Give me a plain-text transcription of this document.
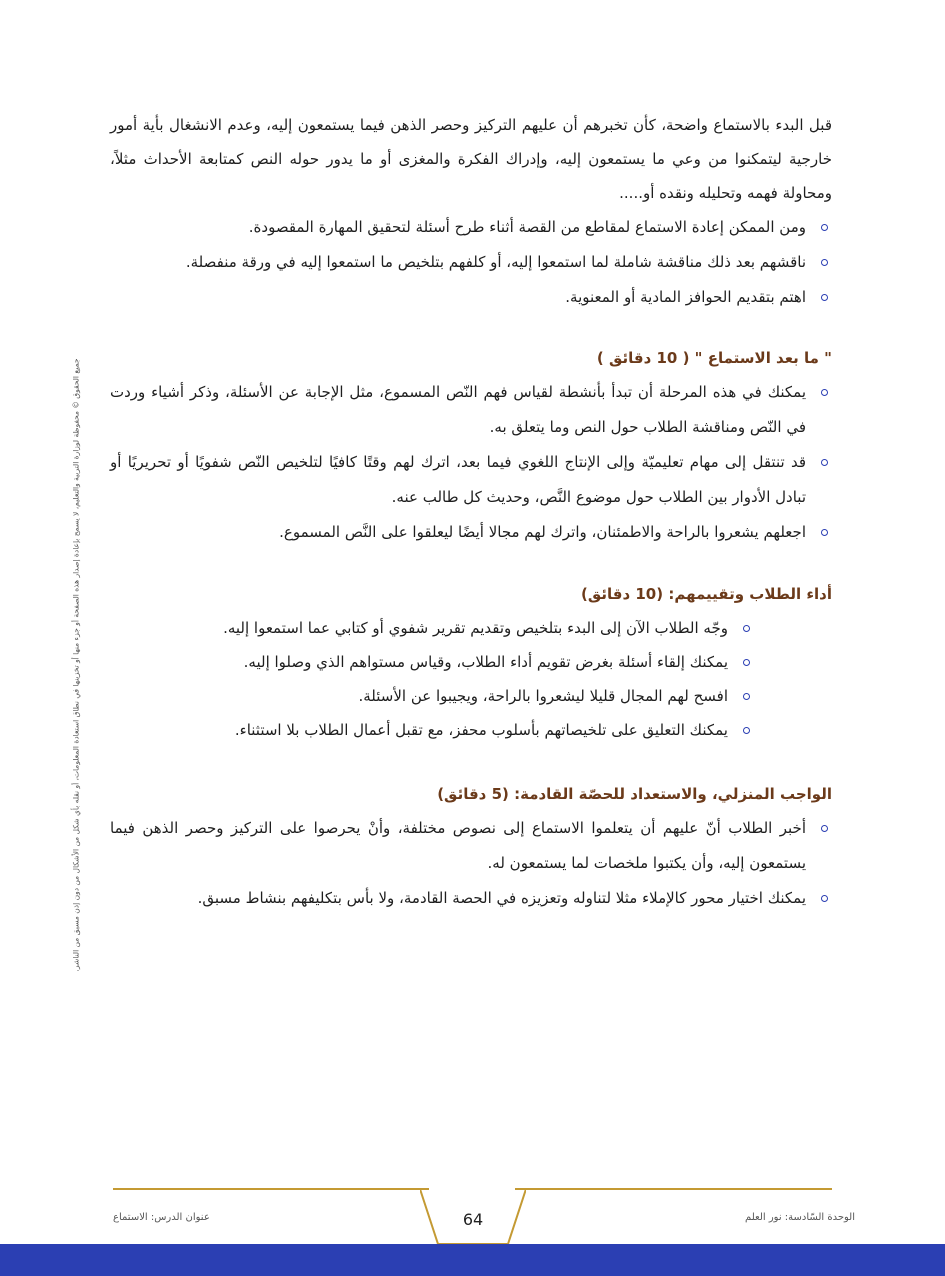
قبل البدء بالاستماع واضحة، كأن تخبرهم أن عليهم التركيز وحصر الذهن فيما يستمعون إليه، وعدم الانشغال بأية أمور خارجية ليتمكنوا من وعي ما يستمعون إليه، وإدراك الفكرة والمغزى أو ما يدور حوله النص كمتابعة الأحداث مثلاً، ومحاولة فهمه وتحليله ونقده أو.....

ومن الممكن إعادة الاستماع لمقاطع من القصة أثناء طرح أسئلة لتحقيق المهارة المقصودة.
ناقشهم بعد ذلك مناقشة شاملة لما استمعوا إليه، أو كلفهم بتلخيص ما استمعوا إليه في ورقة منفصلة.
اهتم بتقديم الحوافز المادية أو المعنوية.
" ما بعد الاستماع " ( 10 دقائق )
يمكنك في هذه المرحلة أن تبدأ بأنشطة لقياس فهم النّص المسموع، مثل الإجابة عن الأسئلة، وذكر أشياء وردت في النّص ومناقشة الطلاب حول النص وما يتعلق به.
قد تنتقل إلى مهام تعليميّة وإلى الإنتاج اللغوي فيما بعد، اترك لهم وقتًا كافيًا لتلخيص النّص شفويًا أو تحريريًا أو تبادل الأدوار بين الطلاب حول موضوع النَّص، وحديث كل طالب عنه.
اجعلهم يشعروا بالراحة والاطمئنان، واترك لهم مجالا أيضًا ليعلقوا على النَّص المسموع.
أداء الطلاب وتقييمهم: (10 دقائق)
وجّه الطلاب الآن إلى البدء بتلخيص وتقديم تقرير شفوي أو كتابي عما استمعوا إليه.
يمكنك إلقاء أسئلة بغرض تقويم أداء الطلاب، وقياس مستواهم الذي وصلوا إليه.
افسح لهم المجال قليلا ليشعروا بالراحة، ويجيبوا عن الأسئلة.
يمكنك التعليق على تلخيصاتهم بأسلوب محفز، مع تقبل أعمال الطلاب بلا استثناء.
الواجب المنزلي، والاستعداد للحصّة القادمة: (5 دقائق)
أخبر الطلاب أنّ عليهم أن يتعلموا الاستماع إلى نصوص مختلفة، وأنْ يحرصوا على التركيز وحصر الذهن فيما يستمعون إليه، وأن يكتبوا ملخصات لما يستمعون له.
يمكنك اختيار محور كالإملاء مثلا لتناوله وتعزيزه في الحصة القادمة، ولا بأس بتكليفهم بنشاط مسبق.
جميع الحقوق © محفوظة لوزارة التربية والتعليم، لا يسمح بإعادة إصدار هذه الصفحة أو جزء منها أو تخزينها في نطاق استعادة المعلومات، أو نقله بأي شكل من الأشكال من دون إذن مسبق من الناشر.
64	الوحدة السّادسة: نور العلم
عنوان الدرس: الاستماع
